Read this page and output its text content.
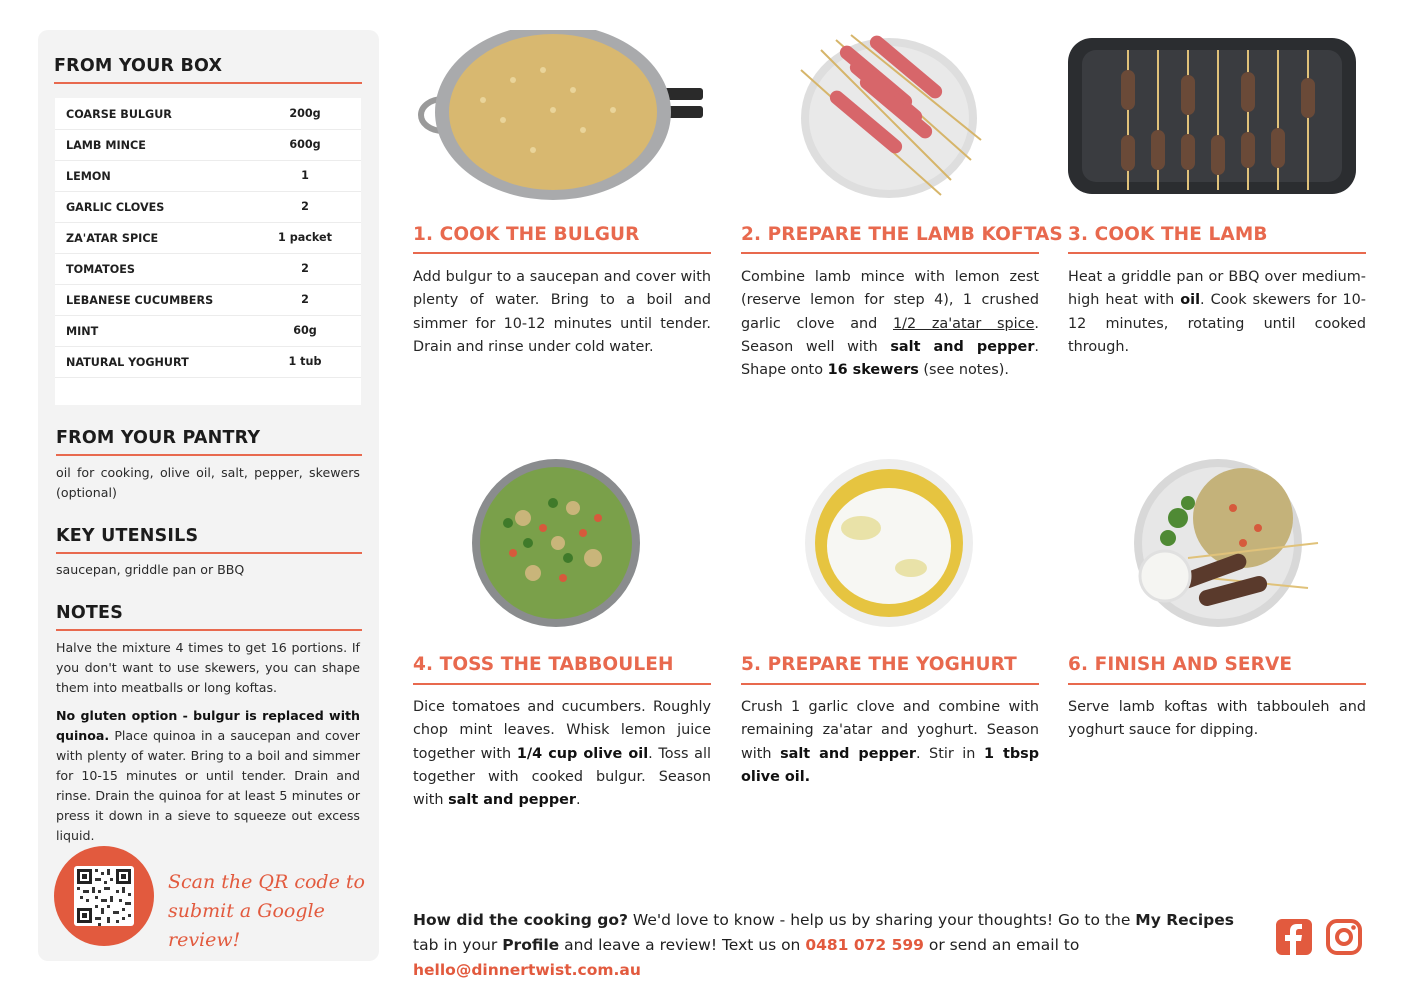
FROM YOUR BOX
COARSE BULGUR	200g
LAMB MINCE	600g
LEMON	1
GARLIC CLOVES	2
ZA'ATAR SPICE	1 packet
TOMATOES	2
LEBANESE CUCUMBERS	2
MINT	60g
NATURAL YOGHURT	1 tub
FROM YOUR PANTRY
oil for cooking, olive oil, salt, pepper, skewers (optional)
KEY UTENSILS
saucepan, griddle pan or BBQ
NOTES
Halve the mixture 4 times to get 16 portions. If you don't want to use skewers, you can shape them into meatballs or long koftas.
No gluten option - bulgur is replaced with quinoa. Place quinoa in a saucepan and cover with plenty of water. Bring to a boil and simmer for 10-15 minutes or until tender. Drain and rinse. Drain the quinoa for at least 5 minutes or press it down in a sieve to squeeze out excess liquid.
Scan the QR code to
submit a Google review!
1. COOK THE BULGUR
Add bulgur to a saucepan and cover with plenty of water. Bring to a boil and simmer for 10-12 minutes until tender. Drain and rinse under cold water.
2. PREPARE THE LAMB KOFTAS
Combine lamb mince with lemon zest (reserve lemon for step 4), 1 crushed garlic clove and 1/2 za'atar spice. Season well with salt and pepper. Shape onto 16 skewers (see notes).
3. COOK THE LAMB
Heat a griddle pan or BBQ over medium-high heat with oil. Cook skewers for 10-12 minutes, rotating until cooked through.
4. TOSS THE TABBOULEH
Dice tomatoes and cucumbers. Roughly chop mint leaves. Whisk lemon juice together with 1/4 cup olive oil. Toss all together with cooked bulgur. Season with salt and pepper.
5. PREPARE THE YOGHURT
Crush 1 garlic clove and combine with remaining za'atar and yoghurt. Season with salt and pepper. Stir in 1 tbsp olive oil.
6. FINISH AND SERVE
Serve lamb koftas with tabbouleh and yoghurt sauce for dipping.
How did the cooking go? We'd love to know - help us by sharing your thoughts! Go to the My Recipes tab in your Profile and leave a review! Text us on 0481 072 599 or send an email to hello@dinnertwist.com.au
